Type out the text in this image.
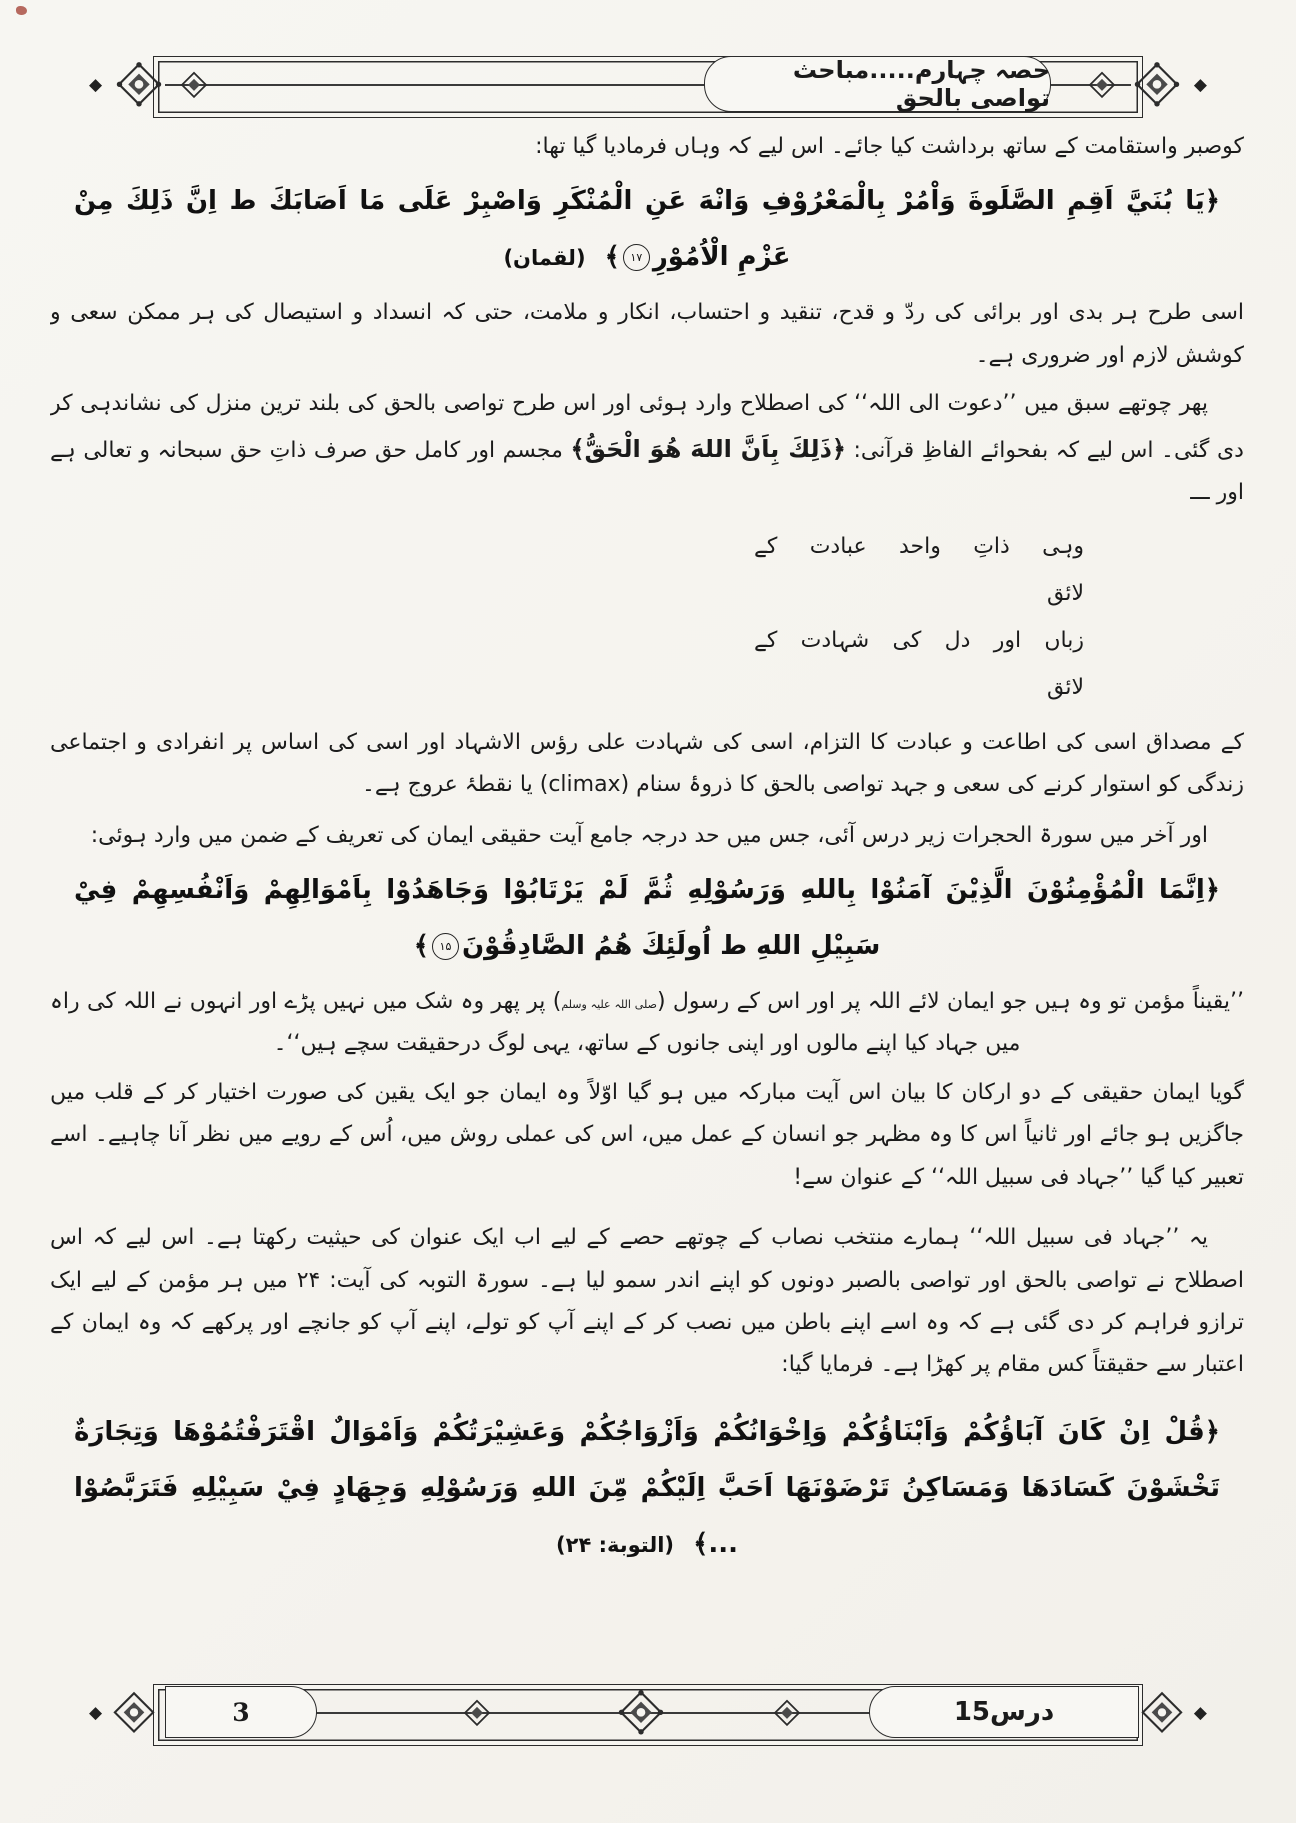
◆	◆
حصہ چہارم.....مباحث تواصی بالحق

کوصبر واستقامت کے ساتھ برداشت کیا جائے۔ اس لیے کہ وہاں فرمادیا گیا تھا:

﴿يَا بُنَيَّ اَقِمِ الصَّلَوةَ وَاْمُرْ بِالْمَعْرُوْفِ وَانْهَ عَنِ الْمُنْكَرِ وَاصْبِرْ عَلَى مَا اَصَابَكَ ط اِنَّ ذَلِكَ مِنْ عَزْمِ الْاُمُوْرِ۱۷﴾ (لقمان)

اسی طرح ہر بدی اور برائی کی ردّ و قدح، تنقید و احتساب، انکار و ملامت، حتی کہ انسداد و استیصال کی ہر ممکن سعی و کوشش لازم اور ضروری ہے۔

پھر چوتھے سبق میں ’’دعوت الی اللہ‘‘ کی اصطلاح وارد ہوئی اور اس طرح تواصی بالحق کی بلند ترین منزل کی نشاندہی کر دی گئی۔ اس لیے کہ بفحوائے الفاظِ قرآنی: ﴿ذَلِكَ بِاَنَّ اللهَ هُوَ الْحَقُّ﴾ مجسم اور کامل حق صرف ذاتِ حق سبحانہ و تعالی ہے اور ـــ

وہی ذاتِ واحد عبادت کے لائق
زباں اور دل کی شہادت کے لائق

کے مصداق اسی کی اطاعت و عبادت کا التزام، اسی کی شہادت علی رؤس الاشہاد اور اسی کی اساس پر انفرادی و اجتماعی زندگی کو استوار کرنے کی سعی و جہد تواصی بالحق کا ذروۂ سنام (climax) یا نقطۂ عروج ہے۔

اور آخر میں سورۃ الحجرات زیر درس آئی، جس میں حد درجہ جامع آیت حقیقی ایمان کی تعریف کے ضمن میں وارد ہوئی:

﴿اِنَّمَا الْمُؤْمِنُوْنَ الَّذِيْنَ آمَنُوْا بِاللهِ وَرَسُوْلِهِ ثُمَّ لَمْ يَرْتَابُوْا وَجَاهَدُوْا بِاَمْوَالِهِمْ وَاَنْفُسِهِمْ فِيْ سَبِيْلِ اللهِ ط اُولَئِكَ هُمُ الصَّادِقُوْنَ۱۵﴾

’’یقیناً مؤمن تو وہ ہیں جو ایمان لائے اللہ پر اور اس کے رسول (صلی اللہ علیہ وسلم) پر پھر وہ شک میں نہیں پڑے اور انہوں نے اللہ کی راہ میں جہاد کیا اپنے مالوں اور اپنی جانوں کے ساتھ، یہی لوگ درحقیقت سچے ہیں‘‘۔

گویا ایمان حقیقی کے دو ارکان کا بیان اس آیت مبارکہ میں ہو گیا اوّلاً وہ ایمان جو ایک یقین کی صورت اختیار کر کے قلب میں جاگزیں ہو جائے اور ثانیاً اس کا وہ مظہر جو انسان کے عمل میں، اس کی عملی روش میں، اُس کے رویے میں نظر آنا چاہیے۔ اسے تعبیر کیا گیا ’’جہاد فی سبیل اللہ‘‘ کے عنوان سے!

یہ ’’جہاد فی سبیل اللہ‘‘ ہمارے منتخب نصاب کے چوتھے حصے کے لیے اب ایک عنوان کی حیثیت رکھتا ہے۔ اس لیے کہ اس اصطلاح نے تواصی بالحق اور تواصی بالصبر دونوں کو اپنے اندر سمو لیا ہے۔ سورۃ التوبہ کی آیت: ۲۴ میں ہر مؤمن کے لیے ایک ترازو فراہم کر دی گئی ہے کہ وہ اسے اپنے باطن میں نصب کر کے اپنے آپ کو تولے، اپنے آپ کو جانچے اور پرکھے کہ وہ ایمان کے اعتبار سے حقیقتاً کس مقام پر کھڑا ہے۔ فرمایا گیا:

﴿قُلْ اِنْ كَانَ آبَاؤُكُمْ وَاَبْنَاؤُكُمْ وَاِخْوَانُكُمْ وَاَزْوَاجُكُمْ وَعَشِيْرَتُكُمْ وَاَمْوَالٌ اقْتَرَفْتُمُوْهَا وَتِجَارَةٌ تَخْشَوْنَ كَسَادَهَا وَمَسَاكِنُ تَرْضَوْنَهَا اَحَبَّ اِلَيْكُمْ مِّنَ اللهِ وَرَسُوْلِهِ وَجِهَادٍ فِيْ سَبِيْلِهِ فَتَرَبَّصُوْا ...﴾ (التوبة: ۲۴)

◆	◆
3	درس15
